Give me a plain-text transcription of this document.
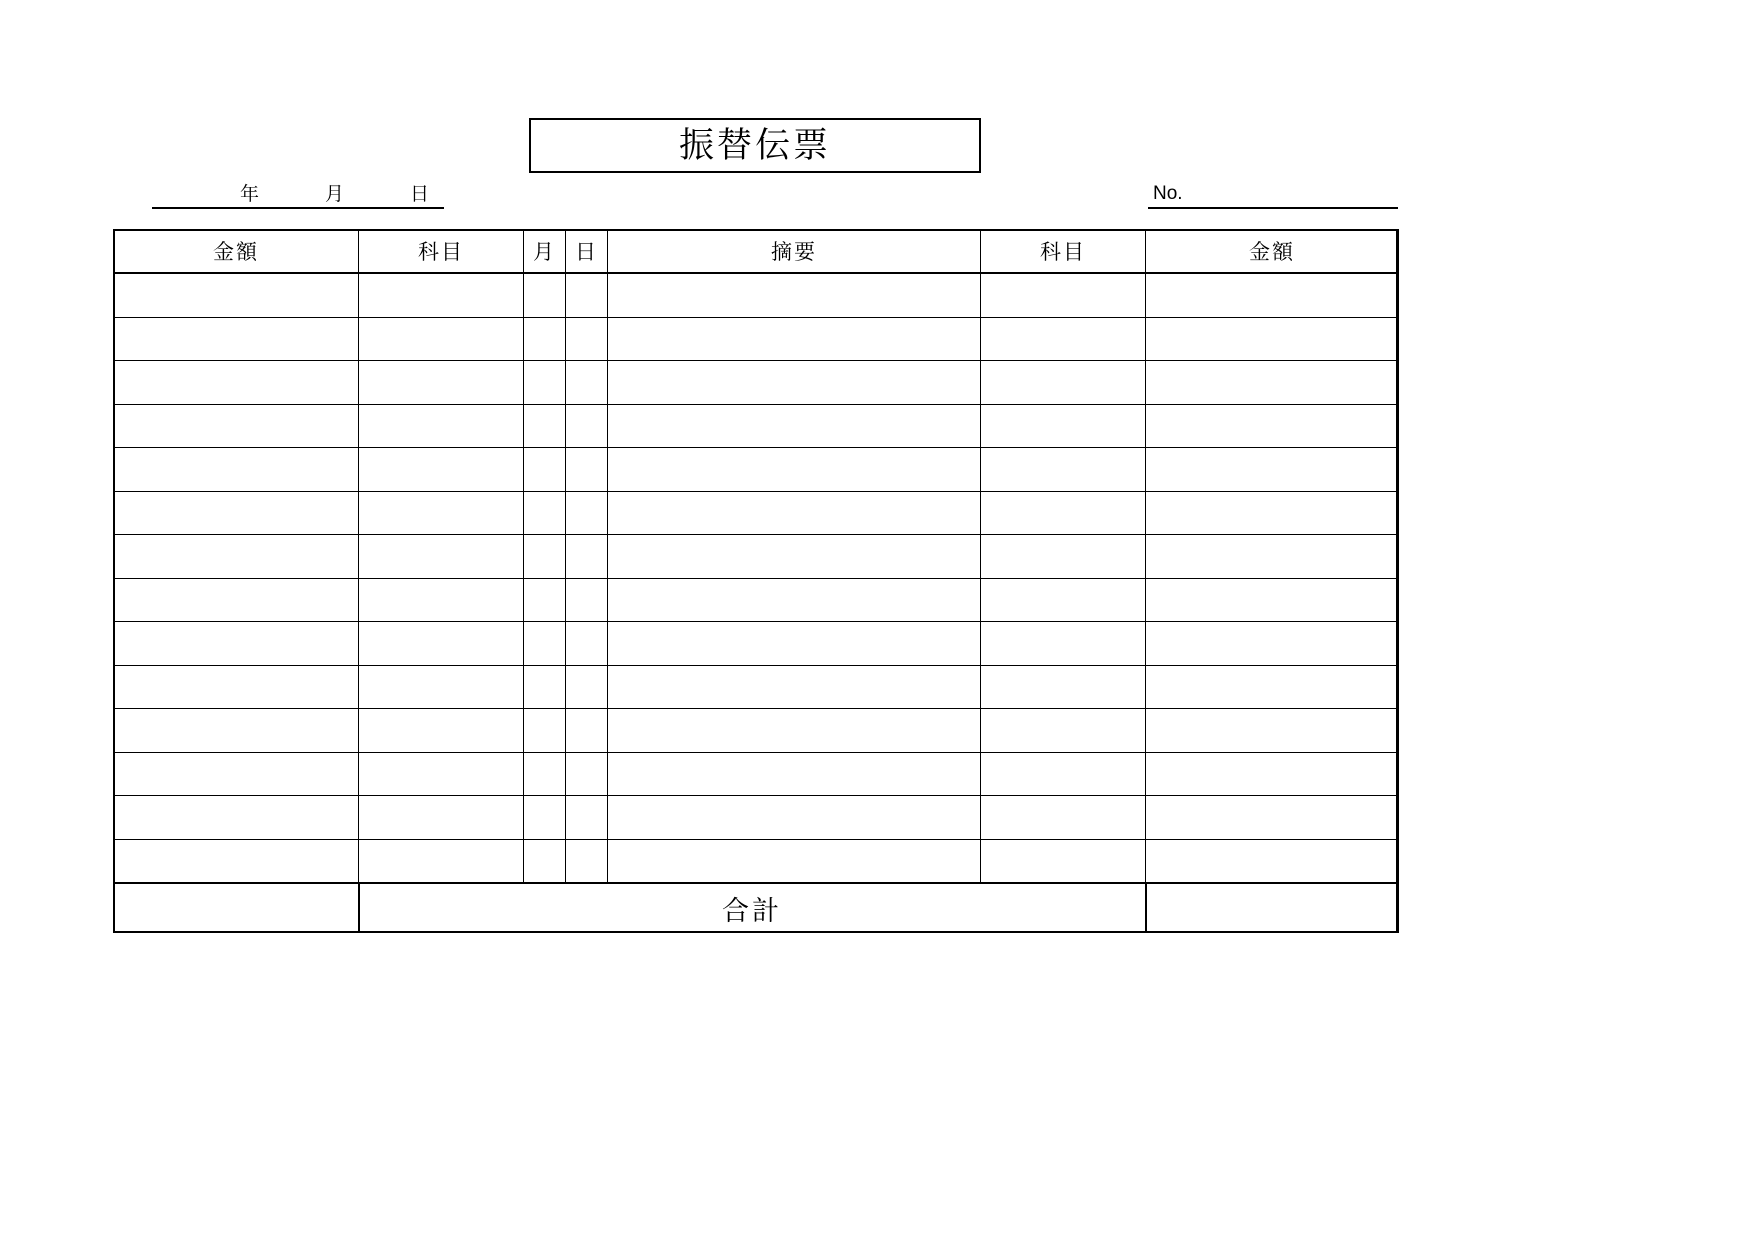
振替伝票
年	月	日	No.
金額	科目	月	日	摘要	科目	金額

	合計					
